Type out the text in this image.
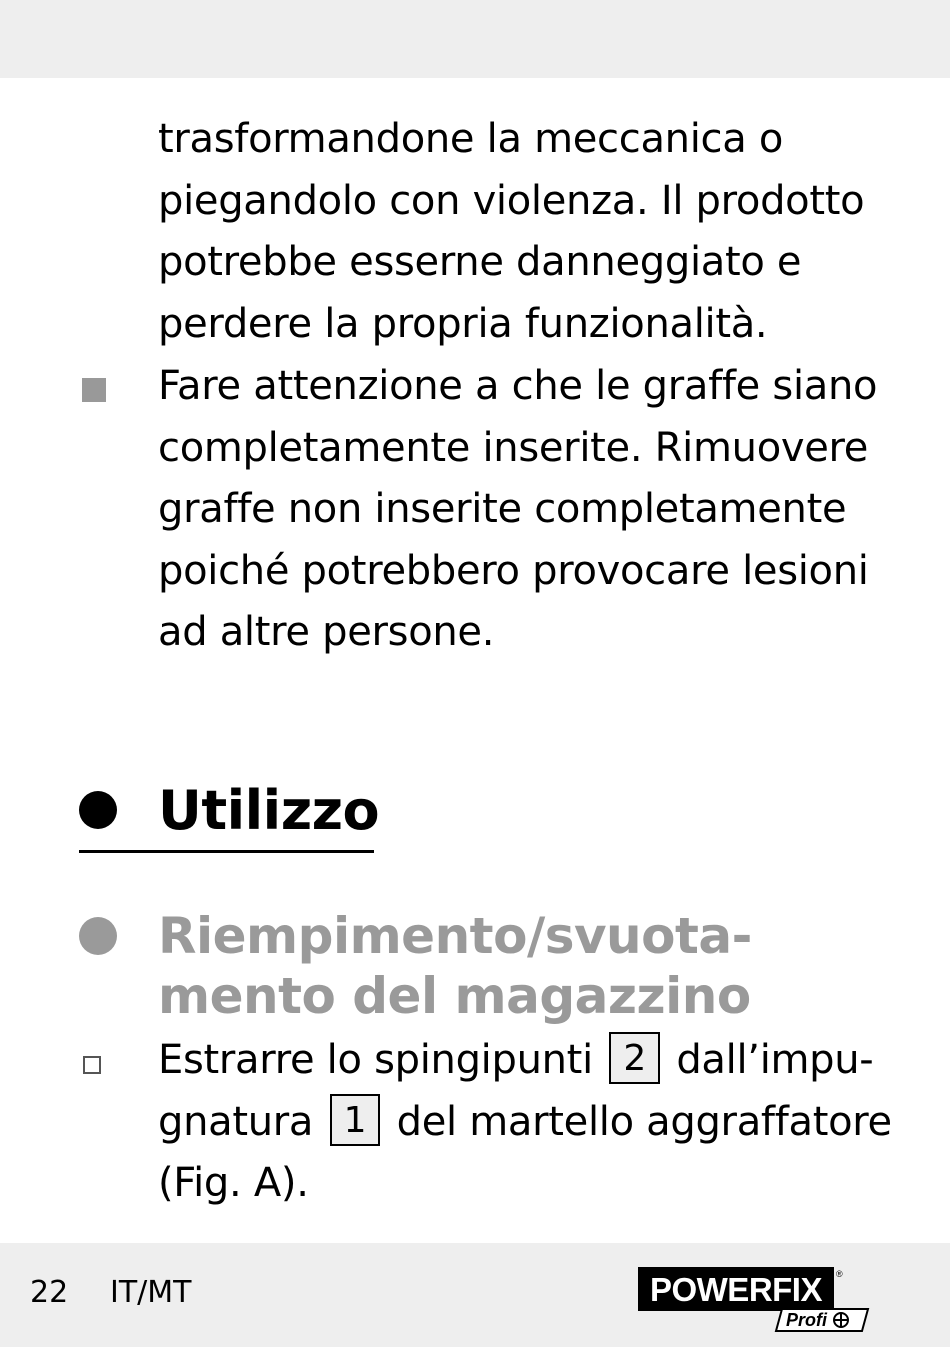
trasformandone la meccanica o
piegandolo con violenza. Il prodotto
potrebbe esserne danneggiato e
perdere la propria funzionalità.
Fare attenzione a che le graffe siano
completamente inserite. Rimuovere
graffe non inserite completamente
poiché potrebbero provocare lesioni
ad altre persone.
Utilizzo
Riempimento/svuota-
mento del magazzino
Estrarre lo spingipunti 2 dall’impu-
gnatura 1 del martello aggraffatore
(Fig. A).
22 IT/MT	POWERFIX ®
Profi
